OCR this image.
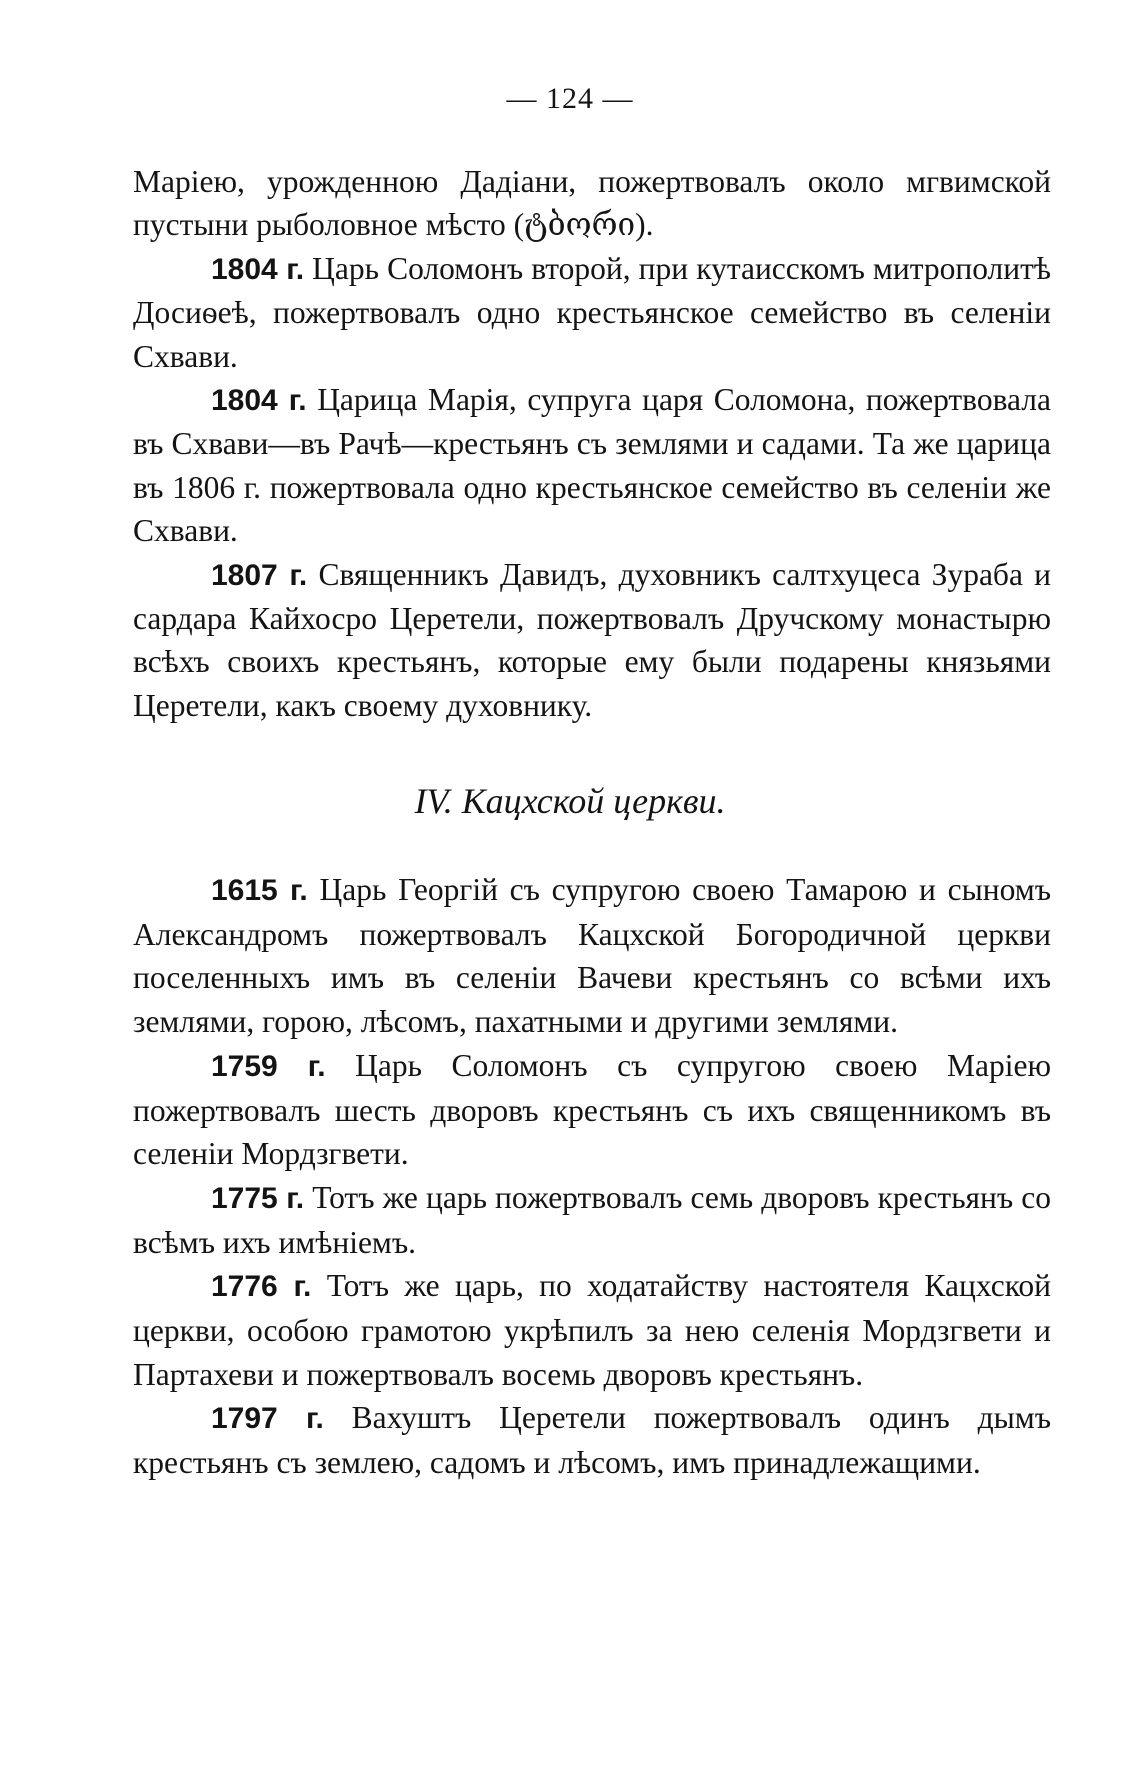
— 124 —

Маріею, урожденною Дадіани, пожертвовалъ около мгвимской пустыни рыболовное мѣсто (ტბორი).

1804 г. Царь Соломонъ второй, при кутаисскомъ митрополитѣ Досиѳеѣ, пожертвовалъ одно крестьянское семейство въ селеніи Схвави.

1804 г. Царица Марія, супруга царя Соломона, пожертвовала въ Схвави—въ Рачѣ—крестьянъ съ землями и садами. Та же царица въ 1806 г. пожертвовала одно крестьянское семейство въ селеніи же Схвави.

1807 г. Священникъ Давидъ, духовникъ салтхуцеса Зураба и сардара Кайхосро Церетели, пожертвовалъ Дручскому монастырю всѣхъ своихъ крестьянъ, которые ему были подарены князьями Церетели, какъ своему духовнику.

IV. Кацхской церкви.

1615 г. Царь Георгій съ супругою своею Тамарою и сыномъ Александромъ пожертвовалъ Кацхской Богородичной церкви поселенныхъ имъ въ селеніи Вачеви крестьянъ со всѣми ихъ землями, горою, лѣсомъ, пахатными и другими землями.

1759 г. Царь Соломонъ съ супругою своею Маріею пожертвовалъ шесть дворовъ крестьянъ съ ихъ священникомъ въ селеніи Мордзгвети.

1775 г. Тотъ же царь пожертвовалъ семь дворовъ крестьянъ со всѣмъ ихъ имѣніемъ.

1776 г. Тотъ же царь, по ходатайству настоятеля Кацхской церкви, особою грамотою укрѣпилъ за нею селенія Мордзгвети и Партахеви и пожертвовалъ восемь дворовъ крестьянъ.

1797 г. Вахуштъ Церетели пожертвовалъ одинъ дымъ крестьянъ съ землею, садомъ и лѣсомъ, имъ принадлежащими.
